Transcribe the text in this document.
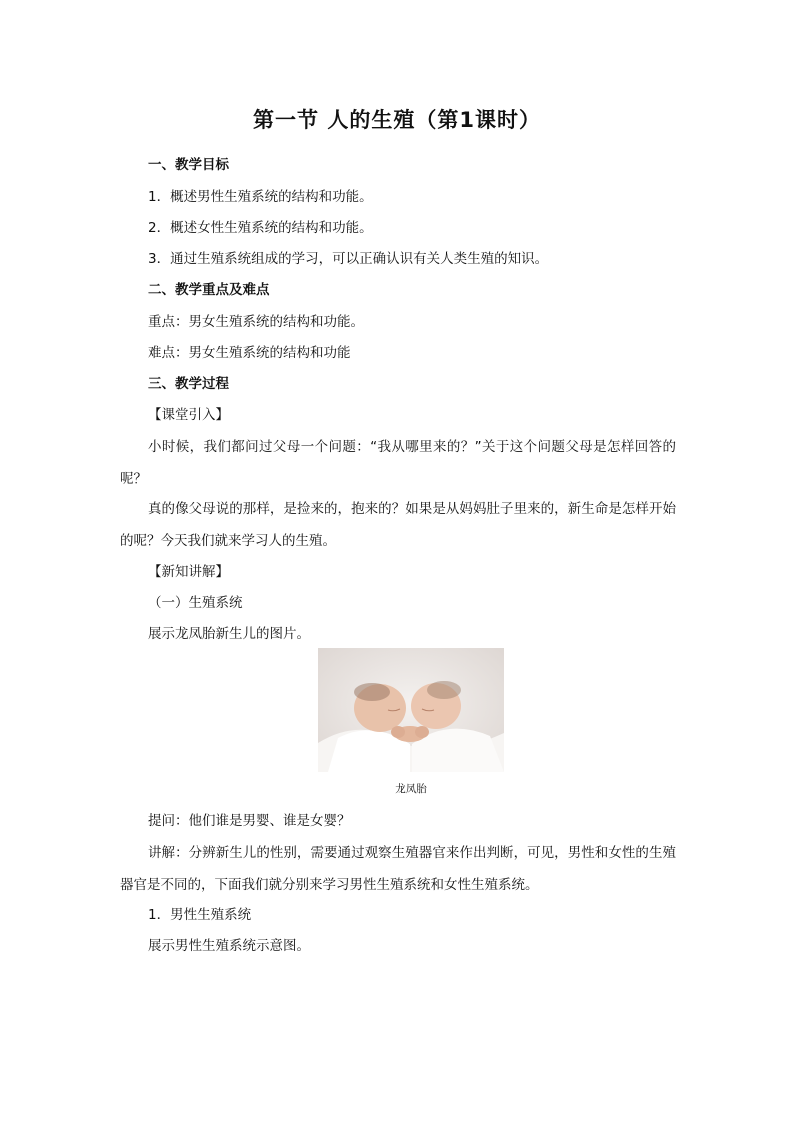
第一节 人的生殖（第1课时）
一、教学目标
1．概述男性生殖系统的结构和功能。
2．概述女性生殖系统的结构和功能。
3．通过生殖系统组成的学习，可以正确认识有关人类生殖的知识。
二、教学重点及难点
重点：男女生殖系统的结构和功能。
难点：男女生殖系统的结构和功能
三、教学过程
【课堂引入】
小时候，我们都问过父母一个问题：“我从哪里来的？”关于这个问题父母是怎样回答的呢？
真的像父母说的那样，是捡来的，抱来的？如果是从妈妈肚子里来的，新生命是怎样开始的呢？今天我们就来学习人的生殖。
【新知讲解】
（一）生殖系统
展示龙凤胎新生儿的图片。
龙凤胎
提问：他们谁是男婴、谁是女婴？
讲解：分辨新生儿的性别，需要通过观察生殖器官来作出判断，可见，男性和女性的生殖器官是不同的，下面我们就分别来学习男性生殖系统和女性生殖系统。
1．男性生殖系统
展示男性生殖系统示意图。
